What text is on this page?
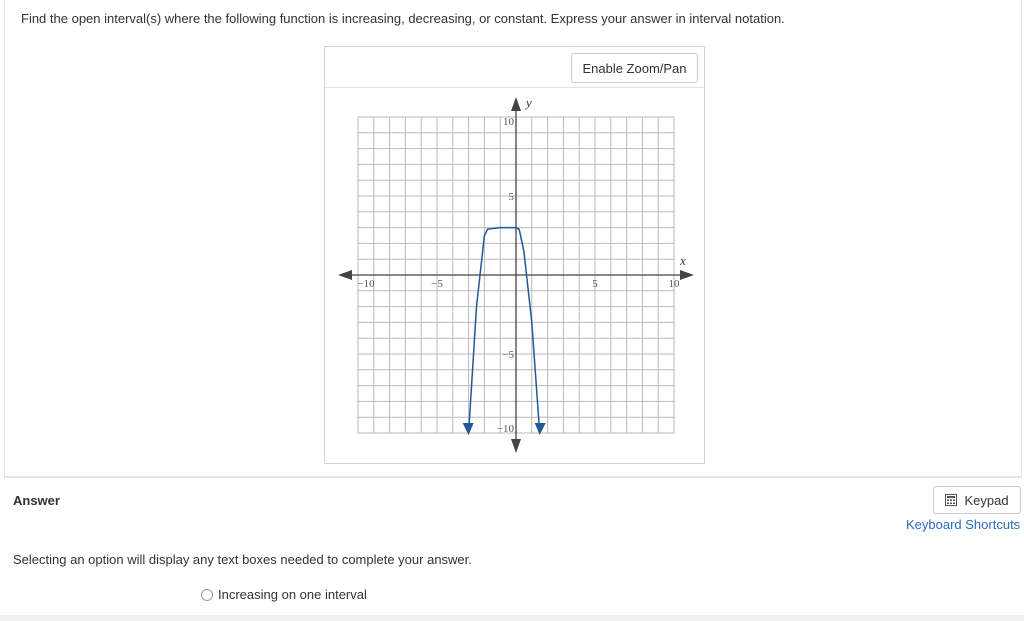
Find the open interval(s) where the following function is increasing, decreasing, or constant. Express your answer in interval notation.
Enable Zoom/Pan
x
y
−10	−5	5	10
10
5
−5
−10
Answer	Keypad
Keyboard Shortcuts
Selecting an option will display any text boxes needed to complete your answer.
Increasing on one interval
